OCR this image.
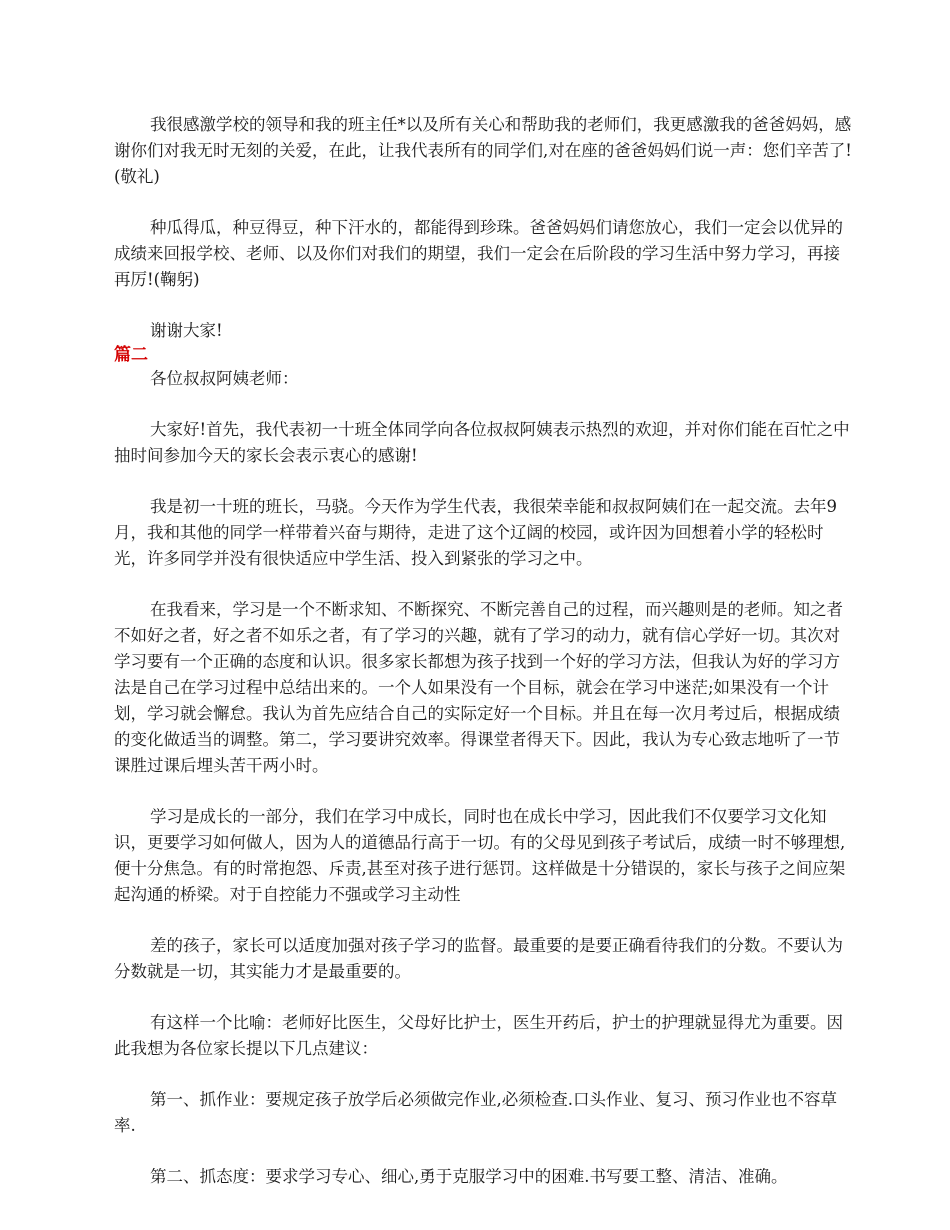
我很感激学校的领导和我的班主任*以及所有关心和帮助我的老师们，我更感激我的爸爸妈妈，感谢你们对我无时无刻的关爱，在此，让我代表所有的同学们,对在座的爸爸妈妈们说一声：您们辛苦了!(敬礼)

种瓜得瓜，种豆得豆，种下汗水的，都能得到珍珠。爸爸妈妈们请您放心，我们一定会以优异的成绩来回报学校、老师、以及你们对我们的期望，我们一定会在后阶段的学习生活中努力学习，再接再厉!(鞠躬)

谢谢大家!

篇二

各位叔叔阿姨老师：

大家好!首先，我代表初一十班全体同学向各位叔叔阿姨表示热烈的欢迎，并对你们能在百忙之中抽时间参加今天的家长会表示衷心的感谢!

我是初一十班的班长，马骁。今天作为学生代表，我很荣幸能和叔叔阿姨们在一起交流。去年9月，我和其他的同学一样带着兴奋与期待，走进了这个辽阔的校园，或许因为回想着小学的轻松时光，许多同学并没有很快适应中学生活、投入到紧张的学习之中。

在我看来，学习是一个不断求知、不断探究、不断完善自己的过程，而兴趣则是的老师。知之者不如好之者，好之者不如乐之者，有了学习的兴趣，就有了学习的动力，就有信心学好一切。其次对学习要有一个正确的态度和认识。很多家长都想为孩子找到一个好的学习方法，但我认为好的学习方法是自己在学习过程中总结出来的。一个人如果没有一个目标，就会在学习中迷茫;如果没有一个计划，学习就会懈怠。我认为首先应结合自己的实际定好一个目标。并且在每一次月考过后，根据成绩的变化做适当的调整。第二，学习要讲究效率。得课堂者得天下。因此，我认为专心致志地听了一节课胜过课后埋头苦干两小时。

学习是成长的一部分，我们在学习中成长，同时也在成长中学习，因此我们不仅要学习文化知识，更要学习如何做人，因为人的道德品行高于一切。有的父母见到孩子考试后，成绩一时不够理想,便十分焦急。有的时常抱怨、斥责,甚至对孩子进行惩罚。这样做是十分错误的，家长与孩子之间应架起沟通的桥梁。对于自控能力不强或学习主动性

差的孩子，家长可以适度加强对孩子学习的监督。最重要的是要正确看待我们的分数。不要认为分数就是一切，其实能力才是最重要的。

有这样一个比喻：老师好比医生，父母好比护士，医生开药后，护士的护理就显得尤为重要。因此我想为各位家长提以下几点建议：

第一、抓作业：要规定孩子放学后必须做完作业,必须检查.口头作业、复习、预习作业也不容草率.

第二、抓态度：要求学习专心、细心,勇于克服学习中的困难.书写要工整、清洁、准确。
